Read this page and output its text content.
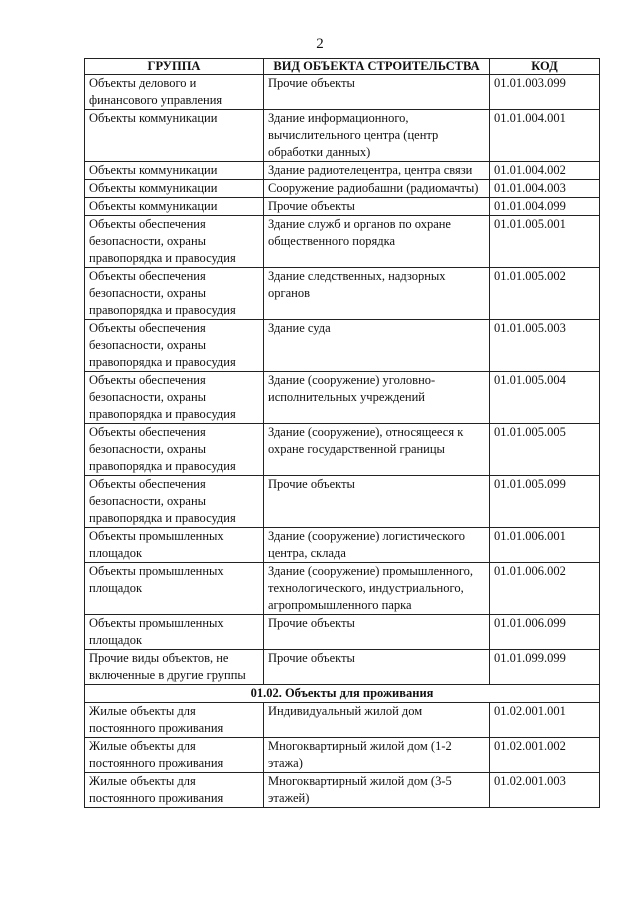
2
ГРУППА	ВИД ОБЪЕКТА СТРОИТЕЛЬСТВА	КОД
Объекты делового и финансового управления	Прочие объекты	01.01.003.099
Объекты коммуникации	Здание информационного, вычислительного центра (центр обработки данных)	01.01.004.001
Объекты коммуникации	Здание радиотелецентра, центра связи	01.01.004.002
Объекты коммуникации	Сооружение радиобашни (радиомачты)	01.01.004.003
Объекты коммуникации	Прочие объекты	01.01.004.099
Объекты обеспечения безопасности, охраны правопорядка и правосудия	Здание служб и органов по охране общественного порядка	01.01.005.001
Объекты обеспечения безопасности, охраны правопорядка и правосудия	Здание следственных, надзорных органов	01.01.005.002
Объекты обеспечения безопасности, охраны правопорядка и правосудия	Здание суда	01.01.005.003
Объекты обеспечения безопасности, охраны правопорядка и правосудия	Здание (сооружение) уголовно-исполнительных учреждений	01.01.005.004
Объекты обеспечения безопасности, охраны правопорядка и правосудия	Здание (сооружение), относящееся к охране государственной границы	01.01.005.005
Объекты обеспечения безопасности, охраны правопорядка и правосудия	Прочие объекты	01.01.005.099
Объекты промышленных площадок	Здание (сооружение) логистического центра, склада	01.01.006.001
Объекты промышленных площадок	Здание (сооружение) промышленного, технологического, индустриального, агропромышленного парка	01.01.006.002
Объекты промышленных площадок	Прочие объекты	01.01.006.099
Прочие виды объектов, не включенные в другие группы	Прочие объекты	01.01.099.099
01.02. Объекты для проживания		
Жилые объекты для постоянного проживания	Индивидуальный жилой дом	01.02.001.001
Жилые объекты для постоянного проживания	Многоквартирный жилой дом (1-2 этажа)	01.02.001.002
Жилые объекты для постоянного проживания	Многоквартирный жилой дом (3-5 этажей)	01.02.001.003
